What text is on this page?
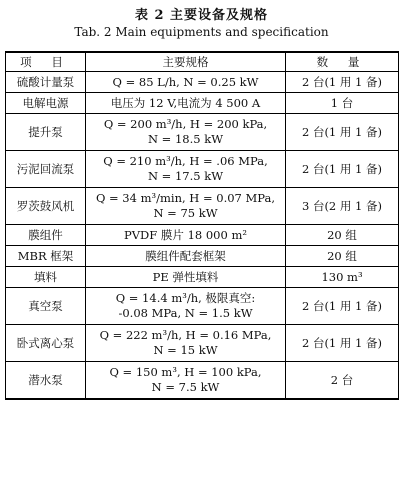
表 2 主要设备及规格
Tab. 2 Main equipments and specification
项 目	主要规格	数 量
硫酸计量泵	Q = 85 L/h, N = 0.25 kW	2 台(1 用 1 备)
电解电源	电压为 12 V,电流为 4 500 A	1 台
提升泵	Q = 200 m³/h, H = 200 kPa,
N = 18.5 kW	2 台(1 用 1 备)
污泥回流泵	Q = 210 m³/h, H = .06 MPa,
N = 17.5 kW	2 台(1 用 1 备)
罗茨鼓风机	Q = 34 m³/min, H = 0.07 MPa,
N = 75 kW	3 台(2 用 1 备)
膜组件	PVDF 膜片 18 000 m²	20 组
MBR 框架	膜组件配套框架	20 组
填料	PE 弹性填料	130 m³
真空泵	Q = 14.4 m³/h, 极限真空:
-0.08 MPa, N = 1.5 kW	2 台(1 用 1 备)
卧式离心泵	Q = 222 m³/h, H = 0.16 MPa,
N = 15 kW	2 台(1 用 1 备)
潜水泵	Q = 150 m³, H = 100 kPa,
N = 7.5 kW	2 台
